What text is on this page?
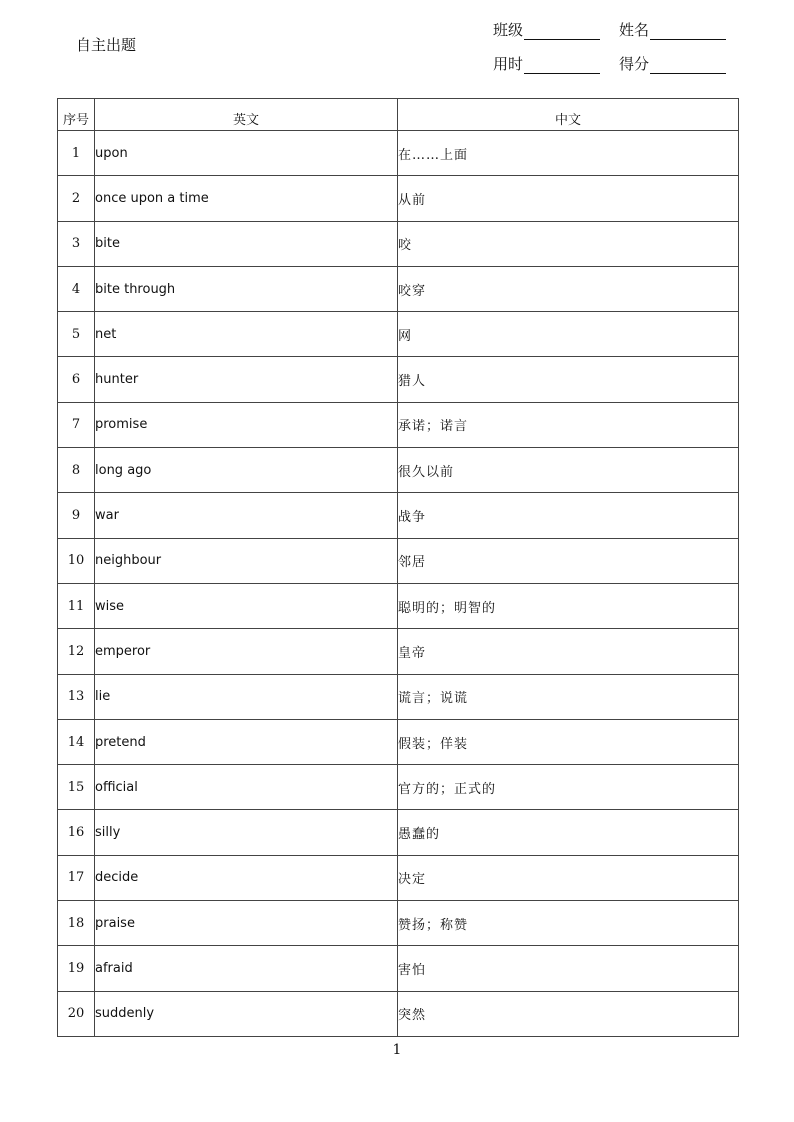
自主出题
班级	姓名
用时	得分
序号	英文	中文
1	upon	在……上面
2	once upon a time	从前
3	bite	咬
4	bite through	咬穿
5	net	网
6	hunter	猎人
7	promise	承诺；诺言
8	long ago	很久以前
9	war	战争
10	neighbour	邻居
11	wise	聪明的；明智的
12	emperor	皇帝
13	lie	谎言；说谎
14	pretend	假装；佯装
15	official	官方的；正式的
16	silly	愚蠢的
17	decide	决定
18	praise	赞扬；称赞
19	afraid	害怕
20	suddenly	突然
1
